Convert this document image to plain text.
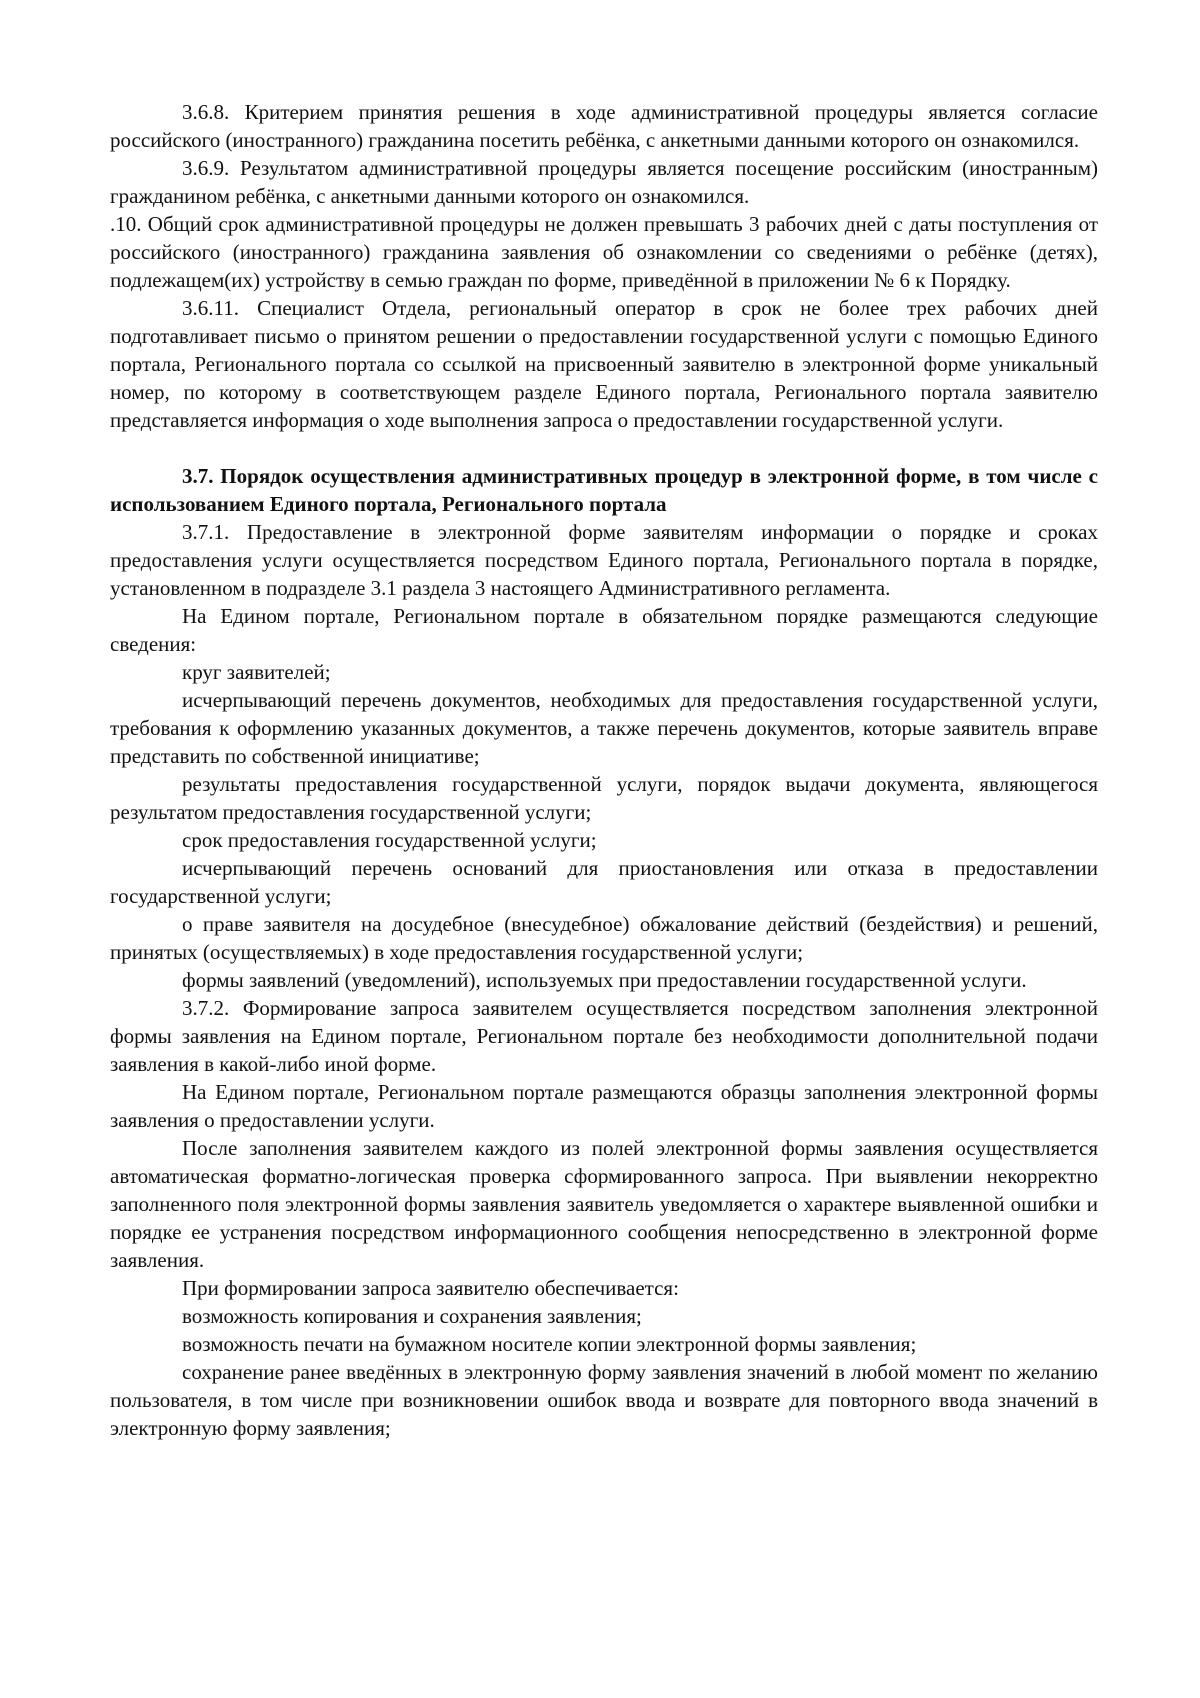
3.6.8. Критерием принятия решения в ходе административной процедуры является согласие российского (иностранного) гражданина посетить ребёнка, с анкетными данными которого он ознакомился.

3.6.9. Результатом административной процедуры является посещение российским (иностранным) гражданином ребёнка, с анкетными данными которого он ознакомился.

.10. Общий срок административной процедуры не должен превышать 3 рабочих дней с даты поступления от российского (иностранного) гражданина заявления об ознакомлении со сведениями о ребёнке (детях), подлежащем(их) устройству в семью граждан по форме, приведённой в приложении № 6 к Порядку.

3.6.11. Специалист Отдела, региональный оператор в срок не более трех рабочих дней подготавливает письмо о принятом решении о предоставлении государственной услуги с помощью Единого портала, Регионального портала со ссылкой на присвоенный заявителю в электронной форме уникальный номер, по которому в соответствующем разделе Единого портала, Регионального портала заявителю представляется информация о ходе выполнения запроса о предоставлении государственной услуги.

3.7. Порядок осуществления административных процедур в электронной форме, в том числе с использованием Единого портала, Регионального портала

3.7.1. Предоставление в электронной форме заявителям информации о порядке и сроках предоставления услуги осуществляется посредством Единого портала, Регионального портала в порядке, установленном в подразделе 3.1 раздела 3 настоящего Административного регламента.

На Едином портале, Региональном портале в обязательном порядке размещаются следующие сведения:

круг заявителей;

исчерпывающий перечень документов, необходимых для предоставления государственной услуги, требования к оформлению указанных документов, а также перечень документов, которые заявитель вправе представить по собственной инициативе;

результаты предоставления государственной услуги, порядок выдачи документа, являющегося результатом предоставления государственной услуги;

срок предоставления государственной услуги;

исчерпывающий перечень оснований для приостановления или отказа в предоставлении государственной услуги;

о праве заявителя на досудебное (внесудебное) обжалование действий (бездействия) и решений, принятых (осуществляемых) в ходе предоставления государственной услуги;

формы заявлений (уведомлений), используемых при предоставлении государственной услуги.

3.7.2. Формирование запроса заявителем осуществляется посредством заполнения электронной формы заявления на Едином портале, Региональном портале без необходимости дополнительной подачи заявления в какой-либо иной форме.

На Едином портале, Региональном портале размещаются образцы заполнения электронной формы заявления о предоставлении услуги.

После заполнения заявителем каждого из полей электронной формы заявления осуществляется автоматическая форматно-логическая проверка сформированного запроса. При выявлении некорректно заполненного поля электронной формы заявления заявитель уведомляется о характере выявленной ошибки и порядке ее устранения посредством информационного сообщения непосредственно в электронной форме заявления.

При формировании запроса заявителю обеспечивается:

возможность копирования и сохранения заявления;

возможность печати на бумажном носителе копии электронной формы заявления;

сохранение ранее введённых в электронную форму заявления значений в любой момент по желанию пользователя, в том числе при возникновении ошибок ввода и возврате для повторного ввода значений в электронную форму заявления;
